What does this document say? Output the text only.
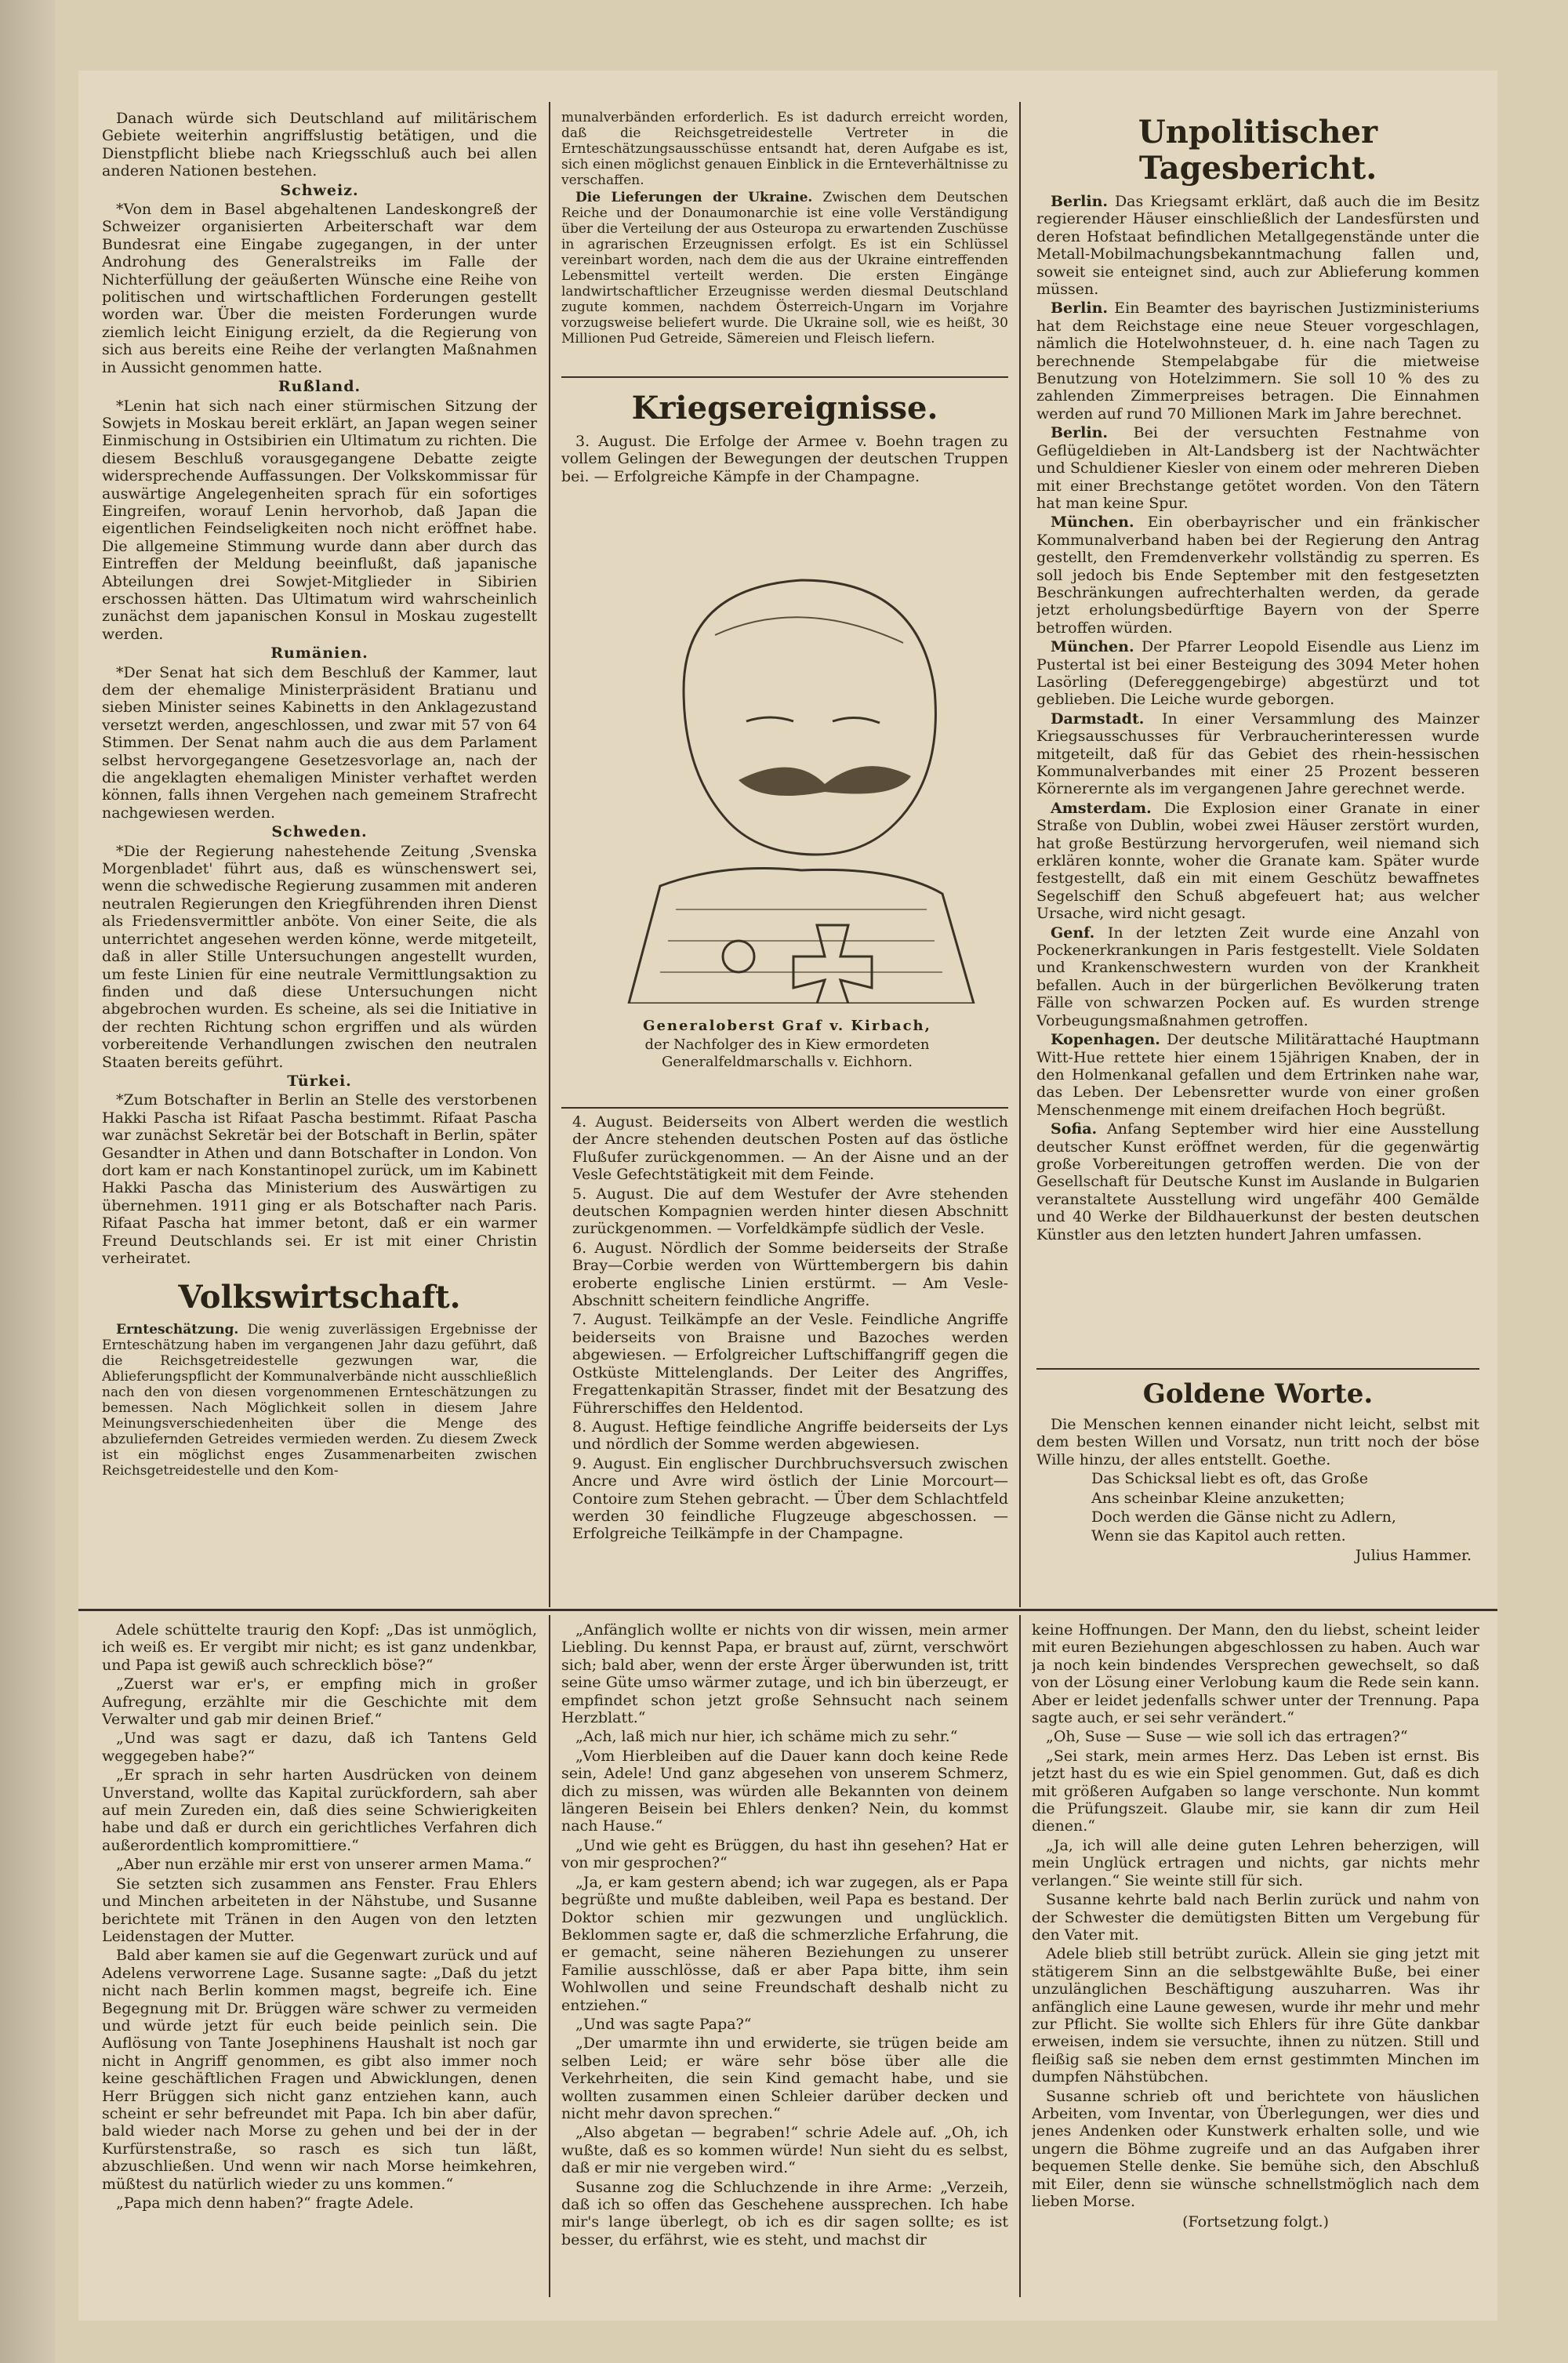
Danach würde sich Deutschland auf militärischem Gebiete weiterhin angriffslustig betätigen, und die Dienstpflicht bliebe nach Kriegsschluß auch bei allen anderen Nationen bestehen.

Schweiz.

*Von dem in Basel abgehaltenen Landeskongreß der Schweizer organisierten Arbeiterschaft war dem Bundesrat eine Eingabe zugegangen, in der unter Androhung des Generalstreiks im Falle der Nichterfüllung der geäußerten Wünsche eine Reihe von politischen und wirtschaftlichen Forderungen gestellt worden war. Über die meisten Forderungen wurde ziemlich leicht Einigung erzielt, da die Regierung von sich aus bereits eine Reihe der verlangten Maßnahmen in Aussicht genommen hatte.

Rußland.

*Lenin hat sich nach einer stürmischen Sitzung der Sowjets in Moskau bereit erklärt, an Japan wegen seiner Einmischung in Ostsibirien ein Ultimatum zu richten. Die diesem Beschluß vorausgegangene Debatte zeigte widersprechende Auffassungen. Der Volkskommissar für auswärtige Angelegenheiten sprach für ein sofortiges Eingreifen, worauf Lenin hervorhob, daß Japan die eigentlichen Feindseligkeiten noch nicht eröffnet habe. Die allgemeine Stimmung wurde dann aber durch das Eintreffen der Meldung beeinflußt, daß japanische Abteilungen drei Sowjet-Mitglieder in Sibirien erschossen hätten. Das Ultimatum wird wahrscheinlich zunächst dem japanischen Konsul in Moskau zugestellt werden.

Rumänien.

*Der Senat hat sich dem Beschluß der Kammer, laut dem der ehemalige Ministerpräsident Bratianu und sieben Minister seines Kabinetts in den Anklagezustand versetzt werden, angeschlossen, und zwar mit 57 von 64 Stimmen. Der Senat nahm auch die aus dem Parlament selbst hervorgegangene Gesetzesvorlage an, nach der die angeklagten ehemaligen Minister verhaftet werden können, falls ihnen Vergehen nach gemeinem Strafrecht nachgewiesen werden.

Schweden.

*Die der Regierung nahestehende Zeitung ‚Svenska Morgenbladet' führt aus, daß es wünschenswert sei, wenn die schwedische Regierung zusammen mit anderen neutralen Regierungen den Kriegführenden ihren Dienst als Friedensvermittler anböte. Von einer Seite, die als unterrichtet angesehen werden könne, werde mitgeteilt, daß in aller Stille Untersuchungen angestellt wurden, um feste Linien für eine neutrale Vermittlungsaktion zu finden und daß diese Untersuchungen nicht abgebrochen wurden. Es scheine, als sei die Initiative in der rechten Richtung schon ergriffen und als würden vorbereitende Verhandlungen zwischen den neutralen Staaten bereits geführt.

Türkei.

*Zum Botschafter in Berlin an Stelle des verstorbenen Hakki Pascha ist Rifaat Pascha bestimmt. Rifaat Pascha war zunächst Sekretär bei der Botschaft in Berlin, später Gesandter in Athen und dann Botschafter in London. Von dort kam er nach Konstantinopel zurück, um im Kabinett Hakki Pascha das Ministerium des Auswärtigen zu übernehmen. 1911 ging er als Botschafter nach Paris. Rifaat Pascha hat immer betont, daß er ein warmer Freund Deutschlands sei. Er ist mit einer Christin verheiratet.

Volkswirtschaft.

Ernteschätzung. Die wenig zuverlässigen Ergebnisse der Ernteschätzung haben im vergangenen Jahr dazu geführt, daß die Reichsgetreidestelle gezwungen war, die Ablieferungspflicht der Kommunalverbände nicht ausschließlich nach den von diesen vorgenommenen Ernteschätzungen zu bemessen. Nach Möglichkeit sollen in diesem Jahre Meinungsverschiedenheiten über die Menge des abzuliefernden Getreides vermieden werden. Zu diesem Zweck ist ein möglichst enges Zusammenarbeiten zwischen Reichsgetreidestelle und den Kom-

munalverbänden erforderlich. Es ist dadurch erreicht worden, daß die Reichsgetreidestelle Vertreter in die Ernteschätzungsausschüsse entsandt hat, deren Aufgabe es ist, sich einen möglichst genauen Einblick in die Ernteverhältnisse zu verschaffen.

Die Lieferungen der Ukraine. Zwischen dem Deutschen Reiche und der Donaumonarchie ist eine volle Verständigung über die Verteilung der aus Osteuropa zu erwartenden Zuschüsse in agrarischen Erzeugnissen erfolgt. Es ist ein Schlüssel vereinbart worden, nach dem die aus der Ukraine eintreffenden Lebensmittel verteilt werden. Die ersten Eingänge landwirtschaftlicher Erzeugnisse werden diesmal Deutschland zugute kommen, nachdem Österreich-Ungarn im Vorjahre vorzugsweise beliefert wurde. Die Ukraine soll, wie es heißt, 30 Millionen Pud Getreide, Sämereien und Fleisch liefern.

Kriegsereignisse.

3. August. Die Erfolge der Armee v. Boehn tragen zu vollem Gelingen der Bewegungen der deutschen Truppen bei. — Erfolgreiche Kämpfe in der Champagne.

Generaloberst Graf v. Kirbach,
der Nachfolger des in Kiew ermordeten Generalfeldmarschalls v. Eichhorn.

4. August. Beiderseits von Albert werden die westlich der Ancre stehenden deutschen Posten auf das östliche Flußufer zurückgenommen. — An der Aisne und an der Vesle Gefechtstätigkeit mit dem Feinde.

5. August. Die auf dem Westufer der Avre stehenden deutschen Kompagnien werden hinter diesen Abschnitt zurückgenommen. — Vorfeldkämpfe südlich der Vesle.

6. August. Nördlich der Somme beiderseits der Straße Bray—Corbie werden von Württembergern bis dahin eroberte englische Linien erstürmt. — Am Vesle-Abschnitt scheitern feindliche Angriffe.

7. August. Teilkämpfe an der Vesle. Feindliche Angriffe beiderseits von Braisne und Bazoches werden abgewiesen. — Erfolgreicher Luftschiffangriff gegen die Ostküste Mittelenglands. Der Leiter des Angriffes, Fregattenkapitän Strasser, findet mit der Besatzung des Führerschiffes den Heldentod.

8. August. Heftige feindliche Angriffe beiderseits der Lys und nördlich der Somme werden abgewiesen.

9. August. Ein englischer Durchbruchsversuch zwischen Ancre und Avre wird östlich der Linie Morcourt—Contoire zum Stehen gebracht. — Über dem Schlachtfeld werden 30 feindliche Flugzeuge abgeschossen. — Erfolgreiche Teilkämpfe in der Champagne.

Unpolitischer Tagesbericht.

Berlin. Das Kriegsamt erklärt, daß auch die im Besitz regierender Häuser einschließlich der Landesfürsten und deren Hofstaat befindlichen Metallgegenstände unter die Metall-Mobilmachungsbekanntmachung fallen und, soweit sie enteignet sind, auch zur Ablieferung kommen müssen.

Berlin. Ein Beamter des bayrischen Justizministeriums hat dem Reichstage eine neue Steuer vorgeschlagen, nämlich die Hotelwohnsteuer, d. h. eine nach Tagen zu berechnende Stempelabgabe für die mietweise Benutzung von Hotelzimmern. Sie soll 10 % des zu zahlenden Zimmerpreises betragen. Die Einnahmen werden auf rund 70 Millionen Mark im Jahre berechnet.

Berlin. Bei der versuchten Festnahme von Geflügeldieben in Alt-Landsberg ist der Nachtwächter und Schuldiener Kiesler von einem oder mehreren Dieben mit einer Brechstange getötet worden. Von den Tätern hat man keine Spur.

München. Ein oberbayrischer und ein fränkischer Kommunalverband haben bei der Regierung den Antrag gestellt, den Fremdenverkehr vollständig zu sperren. Es soll jedoch bis Ende September mit den festgesetzten Beschränkungen aufrechterhalten werden, da gerade jetzt erholungsbedürftige Bayern von der Sperre betroffen würden.

München. Der Pfarrer Leopold Eisendle aus Lienz im Pustertal ist bei einer Besteigung des 3094 Meter hohen Lasörling (Defereggengebirge) abgestürzt und tot geblieben. Die Leiche wurde geborgen.

Darmstadt. In einer Versammlung des Mainzer Kriegsausschusses für Verbraucherinteressen wurde mitgeteilt, daß für das Gebiet des rhein-hessischen Kommunalverbandes mit einer 25 Prozent besseren Körnerernte als im vergangenen Jahre gerechnet werde.

Amsterdam. Die Explosion einer Granate in einer Straße von Dublin, wobei zwei Häuser zerstört wurden, hat große Bestürzung hervorgerufen, weil niemand sich erklären konnte, woher die Granate kam. Später wurde festgestellt, daß ein mit einem Geschütz bewaffnetes Segelschiff den Schuß abgefeuert hat; aus welcher Ursache, wird nicht gesagt.

Genf. In der letzten Zeit wurde eine Anzahl von Pockenerkrankungen in Paris festgestellt. Viele Soldaten und Krankenschwestern wurden von der Krankheit befallen. Auch in der bürgerlichen Bevölkerung traten Fälle von schwarzen Pocken auf. Es wurden strenge Vorbeugungsmaßnahmen getroffen.

Kopenhagen. Der deutsche Militärattaché Hauptmann Witt-Hue rettete hier einem 15jährigen Knaben, der in den Holmenkanal gefallen und dem Ertrinken nahe war, das Leben. Der Lebensretter wurde von einer großen Menschenmenge mit einem dreifachen Hoch begrüßt.

Sofia. Anfang September wird hier eine Ausstellung deutscher Kunst eröffnet werden, für die gegenwärtig große Vorbereitungen getroffen werden. Die von der Gesellschaft für Deutsche Kunst im Auslande in Bulgarien veranstaltete Ausstellung wird ungefähr 400 Gemälde und 40 Werke der Bildhauerkunst der besten deutschen Künstler aus den letzten hundert Jahren umfassen.

Goldene Worte.

Die Menschen kennen einander nicht leicht, selbst mit dem besten Willen und Vorsatz, nun tritt noch der böse Wille hinzu, der alles entstellt. Goethe.

Das Schicksal liebt es oft, das Große

Ans scheinbar Kleine anzuketten;

Doch werden die Gänse nicht zu Adlern,

Wenn sie das Kapitol auch retten.

Julius Hammer.

Adele schüttelte traurig den Kopf: „Das ist unmöglich, ich weiß es. Er vergibt mir nicht; es ist ganz undenkbar, und Papa ist gewiß auch schrecklich böse?“

„Zuerst war er's, er empfing mich in großer Aufregung, erzählte mir die Geschichte mit dem Verwalter und gab mir deinen Brief.“

„Und was sagt er dazu, daß ich Tantens Geld weggegeben habe?“

„Er sprach in sehr harten Ausdrücken von deinem Unverstand, wollte das Kapital zurückfordern, sah aber auf mein Zureden ein, daß dies seine Schwierigkeiten habe und daß er durch ein gerichtliches Verfahren dich außerordentlich kompromittiere.“

„Aber nun erzähle mir erst von unserer armen Mama.“

Sie setzten sich zusammen ans Fenster. Frau Ehlers und Minchen arbeiteten in der Nähstube, und Susanne berichtete mit Tränen in den Augen von den letzten Leidenstagen der Mutter.

Bald aber kamen sie auf die Gegenwart zurück und auf Adelens verworrene Lage. Susanne sagte: „Daß du jetzt nicht nach Berlin kommen magst, begreife ich. Eine Begegnung mit Dr. Brüggen wäre schwer zu vermeiden und würde jetzt für euch beide peinlich sein. Die Auflösung von Tante Josephinens Haushalt ist noch gar nicht in Angriff genommen, es gibt also immer noch keine geschäftlichen Fragen und Abwicklungen, denen Herr Brüggen sich nicht ganz entziehen kann, auch scheint er sehr befreundet mit Papa. Ich bin aber dafür, bald wieder nach Morse zu gehen und bei der in der Kurfürstenstraße, so rasch es sich tun läßt, abzuschließen. Und wenn wir nach Morse heimkehren, müßtest du natürlich wieder zu uns kommen.“

„Papa mich denn haben?“ fragte Adele.

„Anfänglich wollte er nichts von dir wissen, mein armer Liebling. Du kennst Papa, er braust auf, zürnt, verschwört sich; bald aber, wenn der erste Ärger überwunden ist, tritt seine Güte umso wärmer zutage, und ich bin überzeugt, er empfindet schon jetzt große Sehnsucht nach seinem Herzblatt.“

„Ach, laß mich nur hier, ich schäme mich zu sehr.“

„Vom Hierbleiben auf die Dauer kann doch keine Rede sein, Adele! Und ganz abgesehen von unserem Schmerz, dich zu missen, was würden alle Bekannten von deinem längeren Beisein bei Ehlers denken? Nein, du kommst nach Hause.“

„Und wie geht es Brüggen, du hast ihn gesehen? Hat er von mir gesprochen?“

„Ja, er kam gestern abend; ich war zugegen, als er Papa begrüßte und mußte dableiben, weil Papa es bestand. Der Doktor schien mir gezwungen und unglücklich. Beklommen sagte er, daß die schmerzliche Erfahrung, die er gemacht, seine näheren Beziehungen zu unserer Familie ausschlösse, daß er aber Papa bitte, ihm sein Wohlwollen und seine Freundschaft deshalb nicht zu entziehen.“

„Und was sagte Papa?“

„Der umarmte ihn und erwiderte, sie trügen beide am selben Leid; er wäre sehr böse über alle die Verkehrheiten, die sein Kind gemacht habe, und sie wollten zusammen einen Schleier darüber decken und nicht mehr davon sprechen.“

„Also abgetan — begraben!“ schrie Adele auf. „Oh, ich wußte, daß es so kommen würde! Nun sieht du es selbst, daß er mir nie vergeben wird.“

Susanne zog die Schluchzende in ihre Arme: „Verzeih, daß ich so offen das Geschehene aussprechen. Ich habe mir's lange überlegt, ob ich es dir sagen sollte; es ist besser, du erfährst, wie es steht, und machst dir

keine Hoffnungen. Der Mann, den du liebst, scheint leider mit euren Beziehungen abgeschlossen zu haben. Auch war ja noch kein bindendes Versprechen gewechselt, so daß von der Lösung einer Verlobung kaum die Rede sein kann. Aber er leidet jedenfalls schwer unter der Trennung. Papa sagte auch, er sei sehr verändert.“

„Oh, Suse — Suse — wie soll ich das ertragen?“

„Sei stark, mein armes Herz. Das Leben ist ernst. Bis jetzt hast du es wie ein Spiel genommen. Gut, daß es dich mit größeren Aufgaben so lange verschonte. Nun kommt die Prüfungszeit. Glaube mir, sie kann dir zum Heil dienen.“

„Ja, ich will alle deine guten Lehren beherzigen, will mein Unglück ertragen und nichts, gar nichts mehr verlangen.“ Sie weinte still für sich.

Susanne kehrte bald nach Berlin zurück und nahm von der Schwester die demütigsten Bitten um Vergebung für den Vater mit.

Adele blieb still betrübt zurück. Allein sie ging jetzt mit stätigerem Sinn an die selbstgewählte Buße, bei einer unzulänglichen Beschäftigung auszuharren. Was ihr anfänglich eine Laune gewesen, wurde ihr mehr und mehr zur Pflicht. Sie wollte sich Ehlers für ihre Güte dankbar erweisen, indem sie versuchte, ihnen zu nützen. Still und fleißig saß sie neben dem ernst gestimmten Minchen im dumpfen Nähstübchen.

Susanne schrieb oft und berichtete von häuslichen Arbeiten, vom Inventar, von Überlegungen, wer dies und jenes Andenken oder Kunstwerk erhalten solle, und wie ungern die Böhme zugreife und an das Aufgaben ihrer bequemen Stelle denke. Sie bemühe sich, den Abschluß mit Eiler, denn sie wünsche schnellstmöglich nach dem lieben Morse.

(Fortsetzung folgt.)
